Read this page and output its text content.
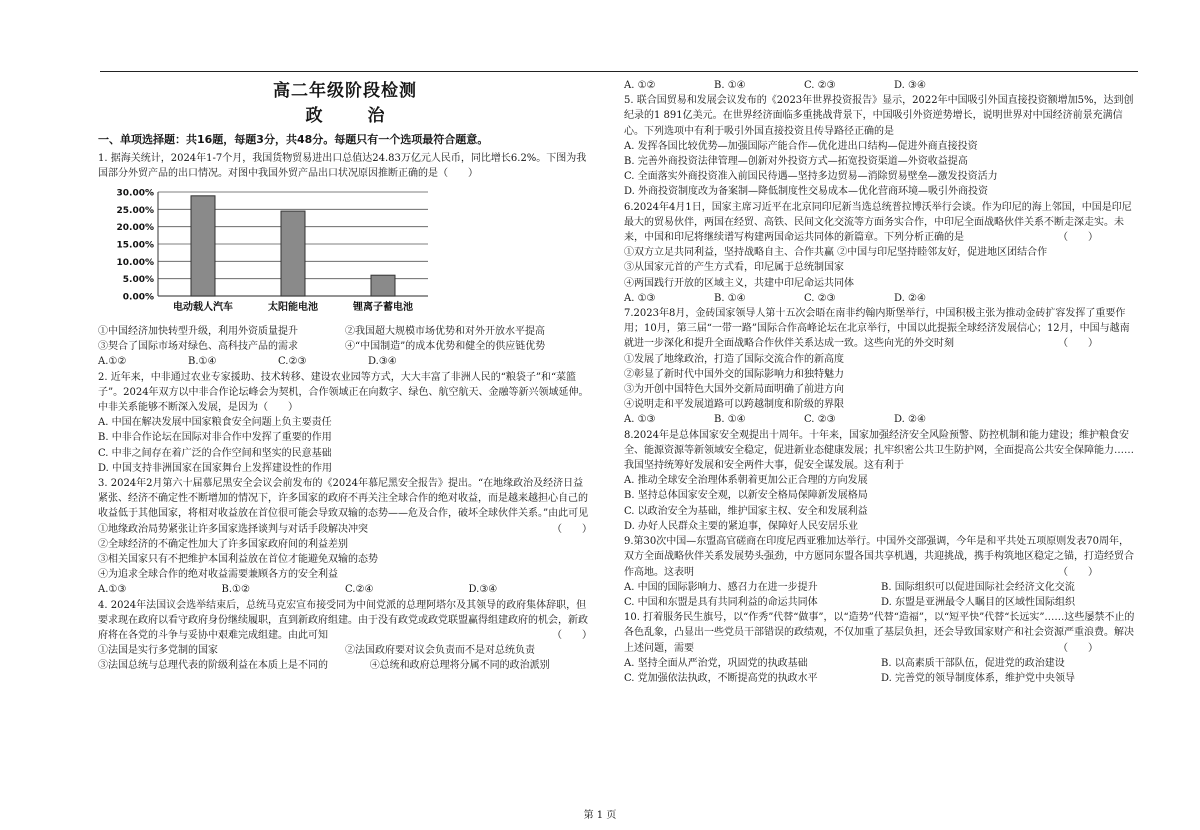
高二年级阶段检测
政　治
一、单项选择题：共16题，每题3分，共48分。每题只有一个选项最符合题意。

1. 据海关统计，2024年1-7个月，我国货物贸易进出口总值达24.83万亿元人民币，同比增长6.2%。下图为我国部分外贸产品的出口情况。对图中我国外贸产品出口状况原因推断正确的是（　　）

0.00%
5.00%
10.00%
15.00%
20.00%
25.00%
30.00%
电动载人汽车	太阳能电池	锂离子蓄电池
①中国经济加快转型升级，利用外资质量提升	②我国超大规模市场优势和对外开放水平提高
③契合了国际市场对绿色、高科技产品的需求	④“中国制造”的成本优势和健全的供应链优势
A.①②	B.①④	C.②③	D.③④

2. 近年来，中非通过农业专家援助、技术转移、建设农业园等方式，大大丰富了非洲人民的“粮袋子”和“菜篮子”。2024年双方以中非合作论坛峰会为契机，合作领域正在向数字、绿色、航空航天、金融等新兴领域延伸。中非关系能够不断深入发展，是因为（　　）

A. 中国在解决发展中国家粮食安全问题上负主要责任

B. 中非合作论坛在国际对非合作中发挥了重要的作用

C. 中非之间存在着广泛的合作空间和坚实的民意基础

D. 中国支持非洲国家在国家舞台上发挥建设性的作用

3. 2024年2月第六十届慕尼黑安全会议会前发布的《2024年慕尼黑安全报告》提出。“在地缘政治及经济日益紧张、经济不确定性不断增加的情况下，许多国家的政府不再关注全球合作的绝对收益，而是越来越担心自己的收益低于其他国家，将相对收益放在首位很可能会导致双输的态势——危及合作，破坏全球伙伴关系。”由此可见
（　　）

①地缘政治局势紧张让许多国家选择谈判与对话手段解决冲突

②全球经济的不确定性加大了许多国家政府间的利益差别

③相关国家只有不把维护本国利益放在首位才能避免双输的态势

④为追求全球合作的绝对收益需要兼顾各方的安全利益

A.①③	B.①②	C.②④	D.③④

4. 2024年法国议会选举结束后，总统马克宏宣布接受同为中间党派的总理阿塔尔及其领导的政府集体辞职，但要求现在政府以看守政府身份继续履职，直到新政府组建。由于没有政党或政党联盟赢得组建政府的机会，新政府将在各党的斗争与妥协中艰难完成组建。由此可知	（　　）

①法国是实行多党制的国家	②法国政府要对议会负责而不是对总统负责
③法国总统与总理代表的阶级利益在本质上是不同的	④总统和政府总理将分属不同的政治派别
A. ①②	B. ①④	C. ②③	D. ③④

5. 联合国贸易和发展会议发布的《2023年世界投资报告》显示，2022年中国吸引外国直接投资额增加5%，达到创纪录的1 891亿美元。在世界经济面临多重挑战背景下，中国吸引外资逆势增长，说明世界对中国经济前景充满信心。下列选项中有利于吸引外国直接投资且传导路径正确的是

A. 发挥各国比较优势—加强国际产能合作—优化进出口结构—促进外商直接投资

B. 完善外商投资法律管理—创新对外投资方式—拓宽投资渠道—外资收益提高

C. 全面落实外商投资准入前国民待遇—坚持多边贸易—消除贸易壁垒—激发投资活力

D. 外商投资制度改为备案制—降低制度性交易成本—优化营商环境—吸引外商投资

6.2024年4月1日，国家主席习近平在北京同印尼新当选总统普拉博沃举行会谈。作为印尼的海上邻国，中国是印尼最大的贸易伙伴，两国在经贸、高铁、民间文化交流等方面务实合作，中印尼全面战略伙伴关系不断走深走实。未来，中国和印尼将继续谱写构建两国命运共同体的新篇章。下列分析正确的是	（　　）

①双方立足共同利益，坚持战略自主、合作共赢 ②中国与印尼坚持睦邻友好，促进地区团结合作

③从国家元首的产生方式看，印尼属于总统制国家

④两国践行开放的区域主义，共建中印尼命运共同体

A. ①③	B. ①④	C. ②③	D. ②④

7.2023年8月，金砖国家领导人第十五次会晤在南非约翰内斯堡举行，中国积极主张为推动金砖扩容发挥了重要作用；10月，第三届“一带一路”国际合作高峰论坛在北京举行，中国以此提振全球经济发展信心；12月，中国与越南就进一步深化和提升全面战略合作伙伴关系达成一致。这些向光的外交时刻	（　　）

①发展了地缘政治，打造了国际交流合作的新高度

②彰显了新时代中国外交的国际影响力和独特魅力

③为开创中国特色大国外交新局面明确了前进方向

④说明走和平发展道路可以跨越制度和阶级的界限

A. ①③	B. ①④	C. ②③	D. ②④

8.2024年是总体国家安全观提出十周年。十年来，国家加强经济安全风险预警、防控机制和能力建设；维护粮食安全、能源资源等新领域安全稳定，促进新业态健康发展；扎牢织密公共卫生防护网，全面提高公共安全保障能力……我国坚持统筹好发展和安全两件大事，促安全谋发展。这有利于

A. 推动全球安全治理体系朝着更加公正合理的方向发展

B. 坚持总体国家安全观，以新安全格局保障新发展格局

C. 以政治安全为基础，维护国家主权、安全和发展利益

D. 办好人民群众主要的紧迫事，保障好人民安居乐业

9.第30次中国—东盟高官磋商在印度尼西亚雅加达举行。中国外交部强调，今年是和平共处五项原则发表70周年，双方全面战略伙伴关系发展势头强劲，中方愿同东盟各国共享机遇，共迎挑战，携手构筑地区稳定之锚，打造经贸合作高地。这表明	（　　）

A. 中国的国际影响力、感召力在进一步提升	B. 国际组织可以促进国际社会经济文化交流
C. 中国和东盟是具有共同利益的命运共同体	D. 东盟是亚洲最令人瞩目的区域性国际组织

10. 打着服务民生旗号，以“作秀”代替“做事”，以“造势”代替“造福”，以“短平快”代替“长远实”……这些屡禁不止的各色乱象，凸显出一些党员干部错误的政绩观，不仅加重了基层负担，还会导致国家财产和社会资源严重浪费。解决上述问题，需要	（　　）

A. 坚持全面从严治党，巩固党的执政基础	B. 以高素质干部队伍，促进党的政治建设
C. 党加强依法执政，不断提高党的执政水平	D. 完善党的领导制度体系，维护党中央领导
第 1 页
